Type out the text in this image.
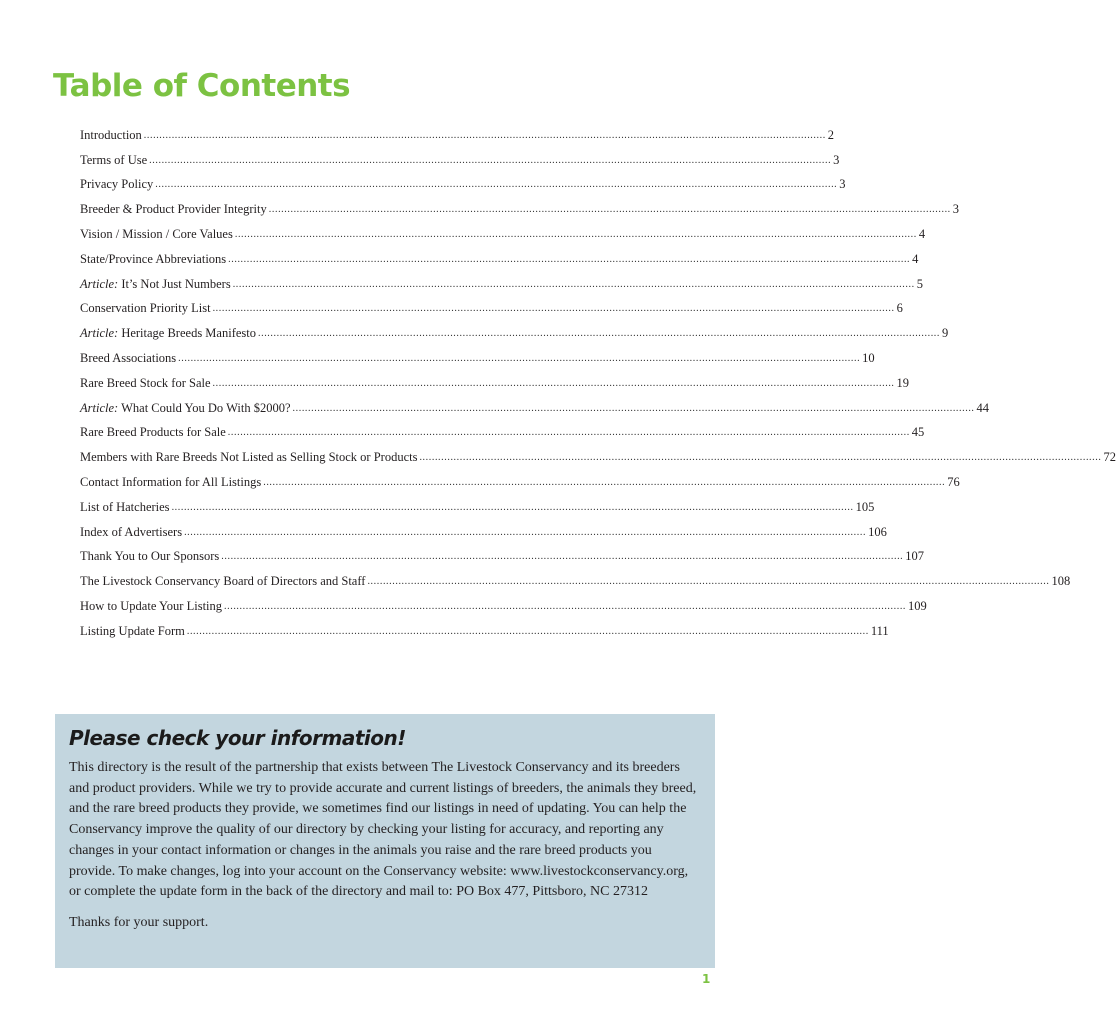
Table of Contents
Introduction ............................................................................................................................................................................................................................ 2
Terms of Use ............................................................................................................................................................................................................................ 3
Privacy Policy ............................................................................................................................................................................................................................ 3
Breeder & Product Provider Integrity ............................................................................................................................................................................................................................ 3
Vision / Mission / Core Values ............................................................................................................................................................................................................................ 4
State/Province Abbreviations ............................................................................................................................................................................................................................ 4
Article: It’s Not Just Numbers ............................................................................................................................................................................................................................ 5
Conservation Priority List ............................................................................................................................................................................................................................ 6
Article: Heritage Breeds Manifesto ............................................................................................................................................................................................................................ 9
Breed Associations ............................................................................................................................................................................................................................ 10
Rare Breed Stock for Sale ............................................................................................................................................................................................................................ 19
Article: What Could You Do With $2000? ............................................................................................................................................................................................................................ 44
Rare Breed Products for Sale ............................................................................................................................................................................................................................ 45
Members with Rare Breeds Not Listed as Selling Stock or Products ............................................................................................................................................................................................................................ 72
Contact Information for All Listings ............................................................................................................................................................................................................................ 76
List of Hatcheries ............................................................................................................................................................................................................................ 105
Index of Advertisers ............................................................................................................................................................................................................................ 106
Thank You to Our Sponsors ............................................................................................................................................................................................................................ 107
The Livestock Conservancy Board of Directors and Staff ............................................................................................................................................................................................................................ 108
How to Update Your Listing ............................................................................................................................................................................................................................ 109
Listing Update Form ............................................................................................................................................................................................................................ 111
Please check your information!

This directory is the result of the partnership that exists between The Livestock Conservancy and its breeders and product providers. While we try to provide accurate and current listings of breeders, the animals they breed, and the rare breed products they provide, we sometimes find our listings in need of updating. You can help the Conservancy improve the quality of our directory by checking your listing for accuracy, and reporting any changes in your contact information or changes in the animals you raise and the rare breed products you provide. To make changes, log into your account on the Conservancy website: www.livestockconservancy.org, or complete the update form in the back of the directory and mail to: PO Box 477, Pittsboro, NC 27312

Thanks for your support.

1
